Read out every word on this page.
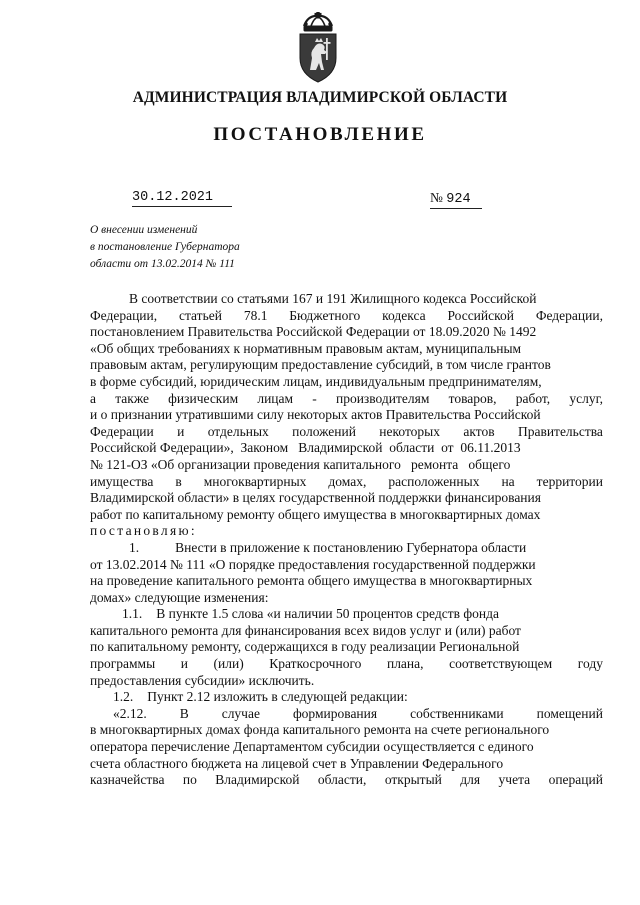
АДМИНИСТРАЦИЯ ВЛАДИМИРСКОЙ ОБЛАСТИ
ПОСТАНОВЛЕНИЕ
30.12.2021	№ 924
О внесении изменений
в постановление Губернатора
области от 13.02.2014 № 111
В соответствии со статьями 167 и 191 Жилищного кодекса Российской
Федерации, статьей 78.1 Бюджетного кодекса Российской Федерации,
постановлением Правительства Российской Федерации от 18.09.2020 № 1492
«Об общих требованиях к нормативным правовым актам, муниципальным
правовым актам, регулирующим предоставление субсидий, в том числе грантов
в форме субсидий, юридическим лицам, индивидуальным предпринимателям,
а также физическим лицам - производителям товаров, работ, услуг,
и о признании утратившими силу некоторых актов Правительства Российской
Федерации и отдельных положений некоторых актов Правительства
Российской Федерации»,  Законом   Владимирской  области  от  06.11.2013
№ 121-ОЗ «Об организации проведения капитального   ремонта   общего
имущества в многоквартирных домах, расположенных на территории
Владимирской области» в целях государственной поддержки финансирования
работ по капитальному ремонту общего имущества в многоквартирных домах
постановляю:
1.	Внести в приложение к постановлению Губернатора области
от 13.02.2014 № 111 «О порядке предоставления государственной поддержки
на проведение капитального ремонта общего имущества в многоквартирных
домах» следующие изменения:
1.1. В пункте 1.5 слова «и наличии 50 процентов средств фонда
капитального ремонта для финансирования всех видов услуг и (или) работ
по капитальному ремонту, содержащихся в году реализации Региональной
программы и (или) Краткосрочного плана, соответствующем году
предоставления субсидии» исключить.
1.2. Пункт 2.12 изложить в следующей редакции:
«2.12. В случае формирования собственниками помещений
в многоквартирных домах фонда капитального ремонта на счете регионального
оператора перечисление Департаментом субсидии осуществляется с единого
счета областного бюджета на лицевой счет в Управлении Федерального
казначейства по Владимирской области, открытый для учета операций
